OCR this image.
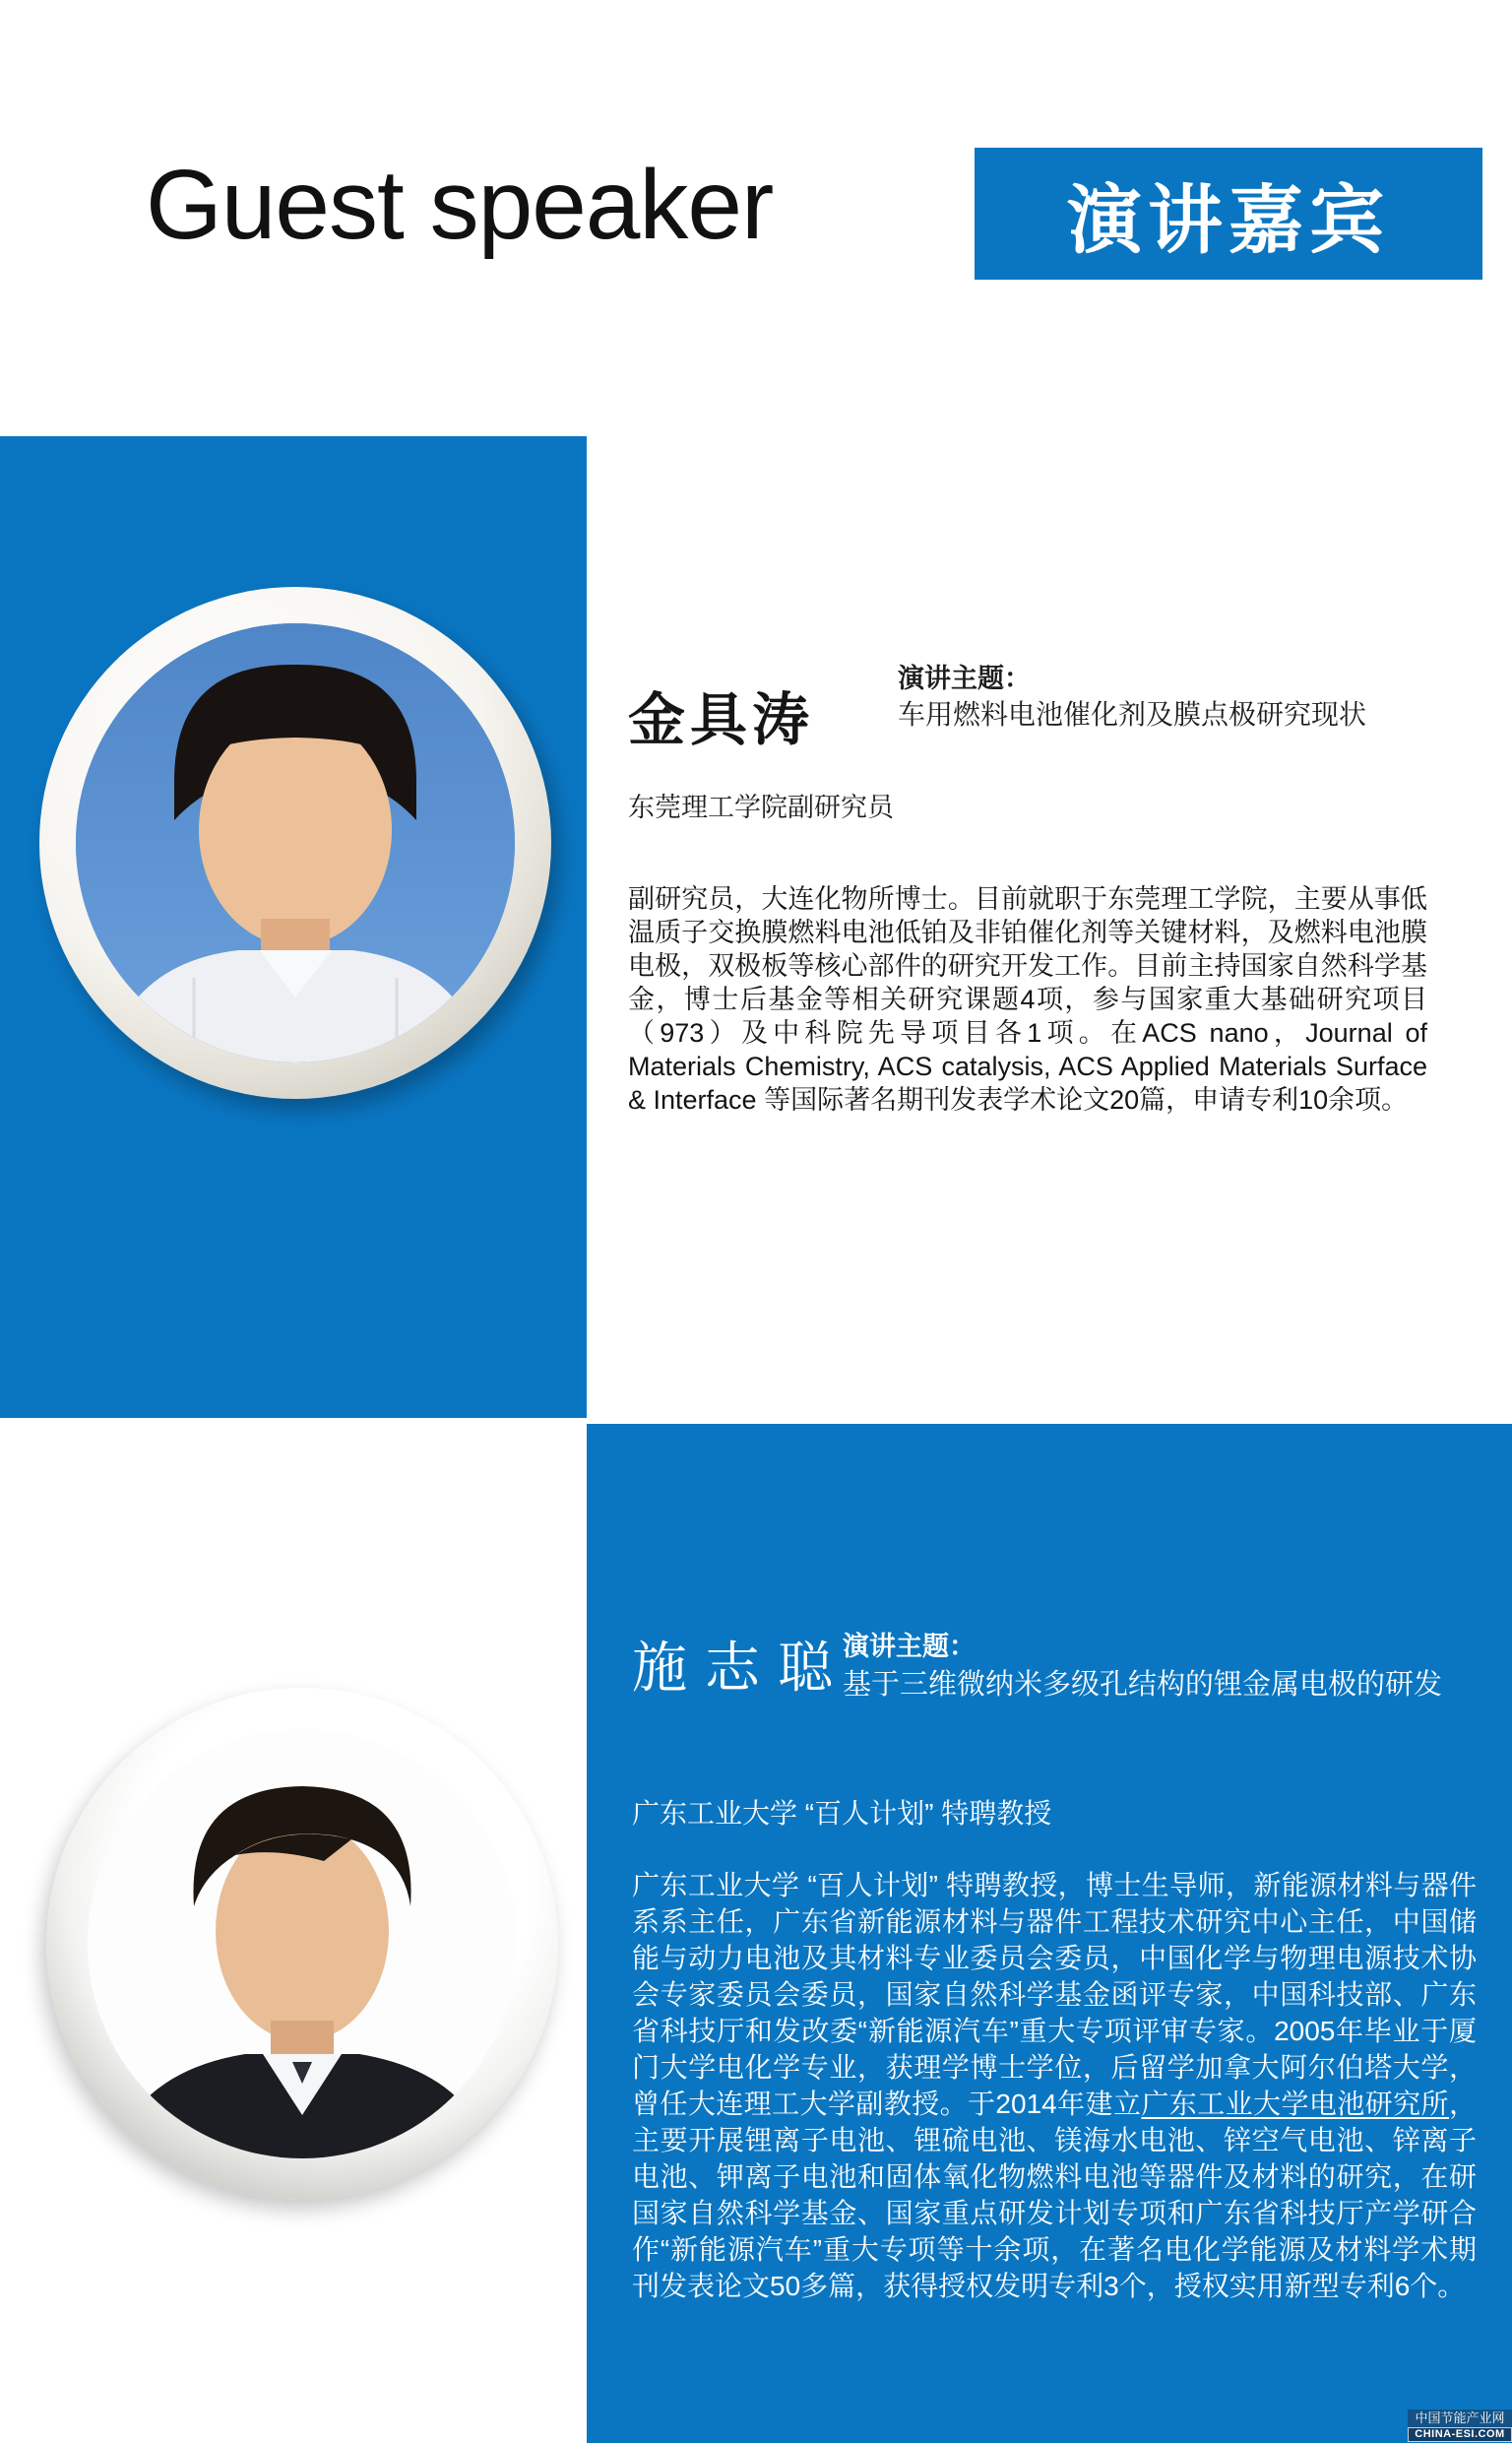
Guest speaker	演讲嘉宾
金具涛
演讲主题：
车用燃料电池催化剂及膜点极研究现状
东莞理工学院副研究员
副研究员，大连化物所博士。目前就职于东莞理工学院，主要从事低温质子交换膜燃料电池低铂及非铂催化剂等关键材料，及燃料电池膜电极，双极板等核心部件的研究开发工作。目前主持国家自然科学基金，博士后基金等相关研究课题4项，参与国家重大基础研究项目（973）及中科院先导项目各1项。在ACS nano，Journal of Materials Chemistry, ACS catalysis, ACS Applied Materials Surface & Interface 等国际著名期刊发表学术论文20篇，申请专利10余项。
施志聪
演讲主题：
基于三维微纳米多级孔结构的锂金属电极的研发
广东工业大学 “百人计划” 特聘教授
广东工业大学 “百人计划” 特聘教授，博士生导师，新能源材料与器件系系主任，广东省新能源材料与器件工程技术研究中心主任，中国储能与动力电池及其材料专业委员会委员，中国化学与物理电源技术协会专家委员会委员，国家自然科学基金函评专家，中国科技部、广东省科技厅和发改委“新能源汽车”重大专项评审专家。2005年毕业于厦门大学电化学专业，获理学博士学位，后留学加拿大阿尔伯塔大学，曾任大连理工大学副教授。于2014年建立广东工业大学电池研究所，主要开展锂离子电池、锂硫电池、镁海水电池、锌空气电池、锌离子电池、钾离子电池和固体氧化物燃料电池等器件及材料的研究，在研国家自然科学基金、国家重点研发计划专项和广东省科技厅产学研合作“新能源汽车”重大专项等十余项，在著名电化学能源及材料学术期刊发表论文50多篇，获得授权发明专利3个，授权实用新型专利6个。
中国节能产业网
CHINA-ESI.COM
